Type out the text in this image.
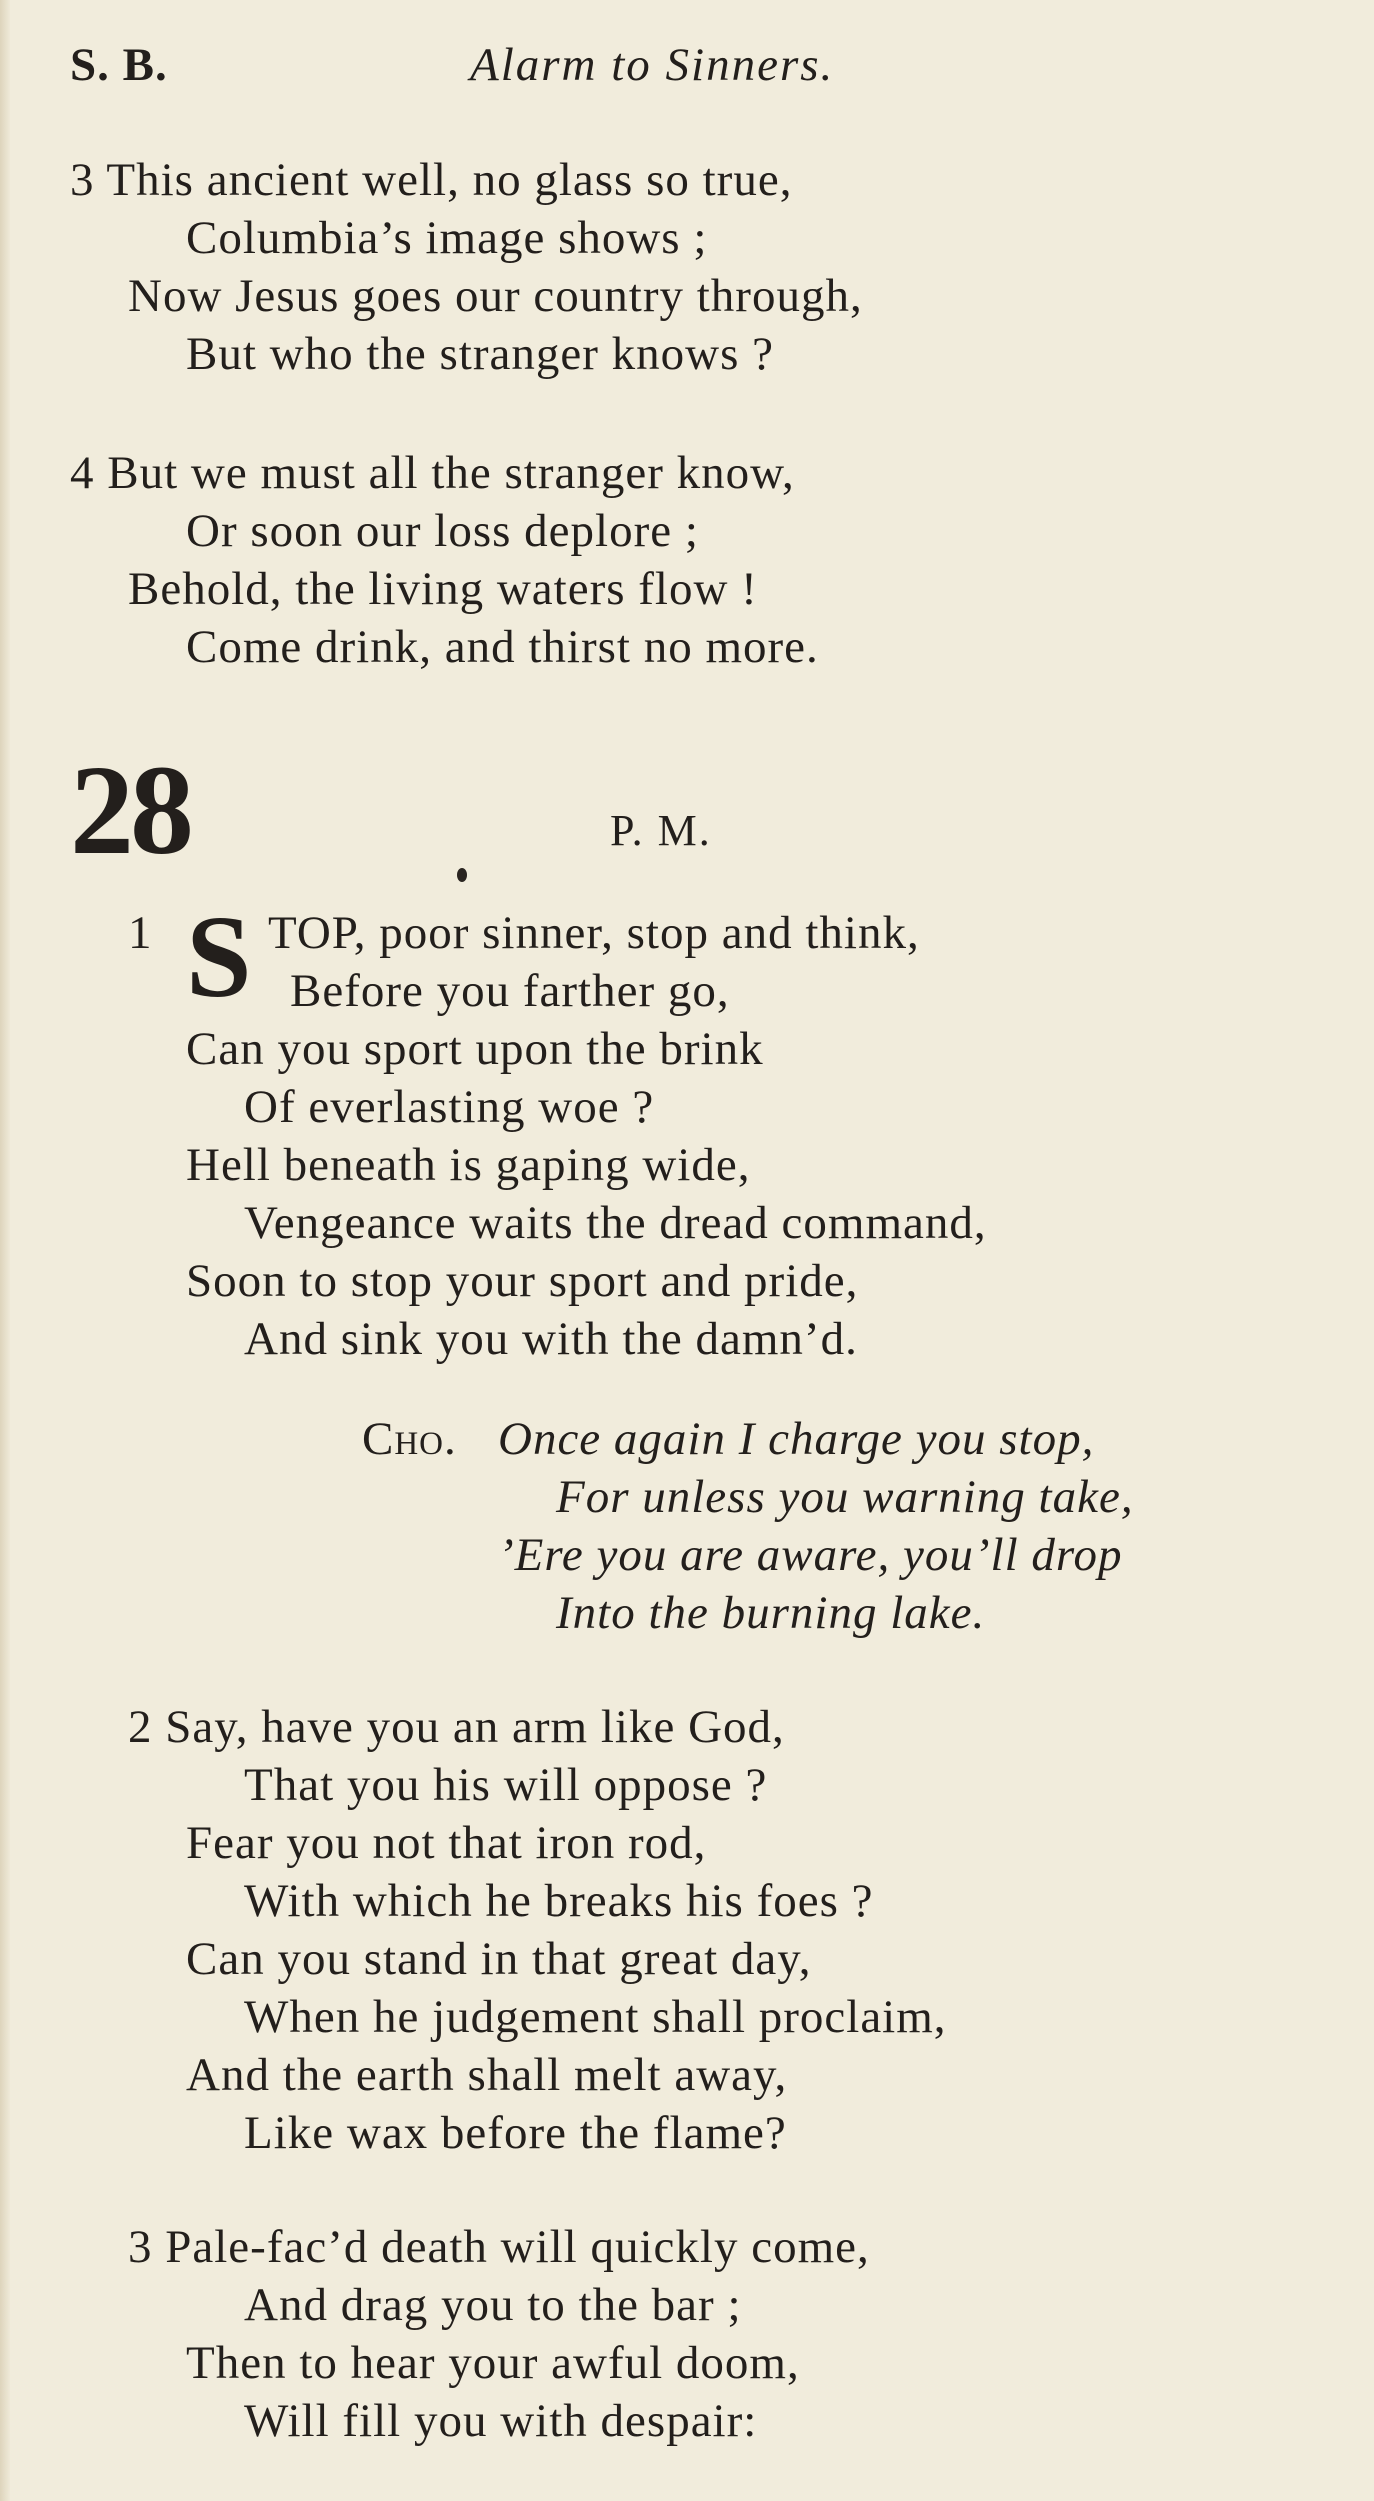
S. B.	Alarm to Sinners.
3 This ancient well, no glass so true,
Columbia’s image shows ;
Now Jesus goes our country through,
But who the stranger knows ?
4 But we must all the stranger know,
Or soon our loss deplore ;
Behold, the living waters flow !
Come drink, and thirst no more.
28	P. M.
1 S TOP, poor sinner, stop and think,
Before you farther go,
Can you sport upon the brink
Of everlasting woe ?
Hell beneath is gaping wide,
Vengeance waits the dread command,
Soon to stop your sport and pride,
And sink you with the damn’d.
Cho. Once again I charge you stop,
For unless you warning take,
’Ere you are aware, you’ll drop
Into the burning lake.
2 Say, have you an arm like God,
That you his will oppose ?
Fear you not that iron rod,
With which he breaks his foes ?
Can you stand in that great day,
When he judgement shall proclaim,
And the earth shall melt away,
Like wax before the flame?
3 Pale-fac’d death will quickly come,
And drag you to the bar ;
Then to hear your awful doom,
Will fill you with despair:
